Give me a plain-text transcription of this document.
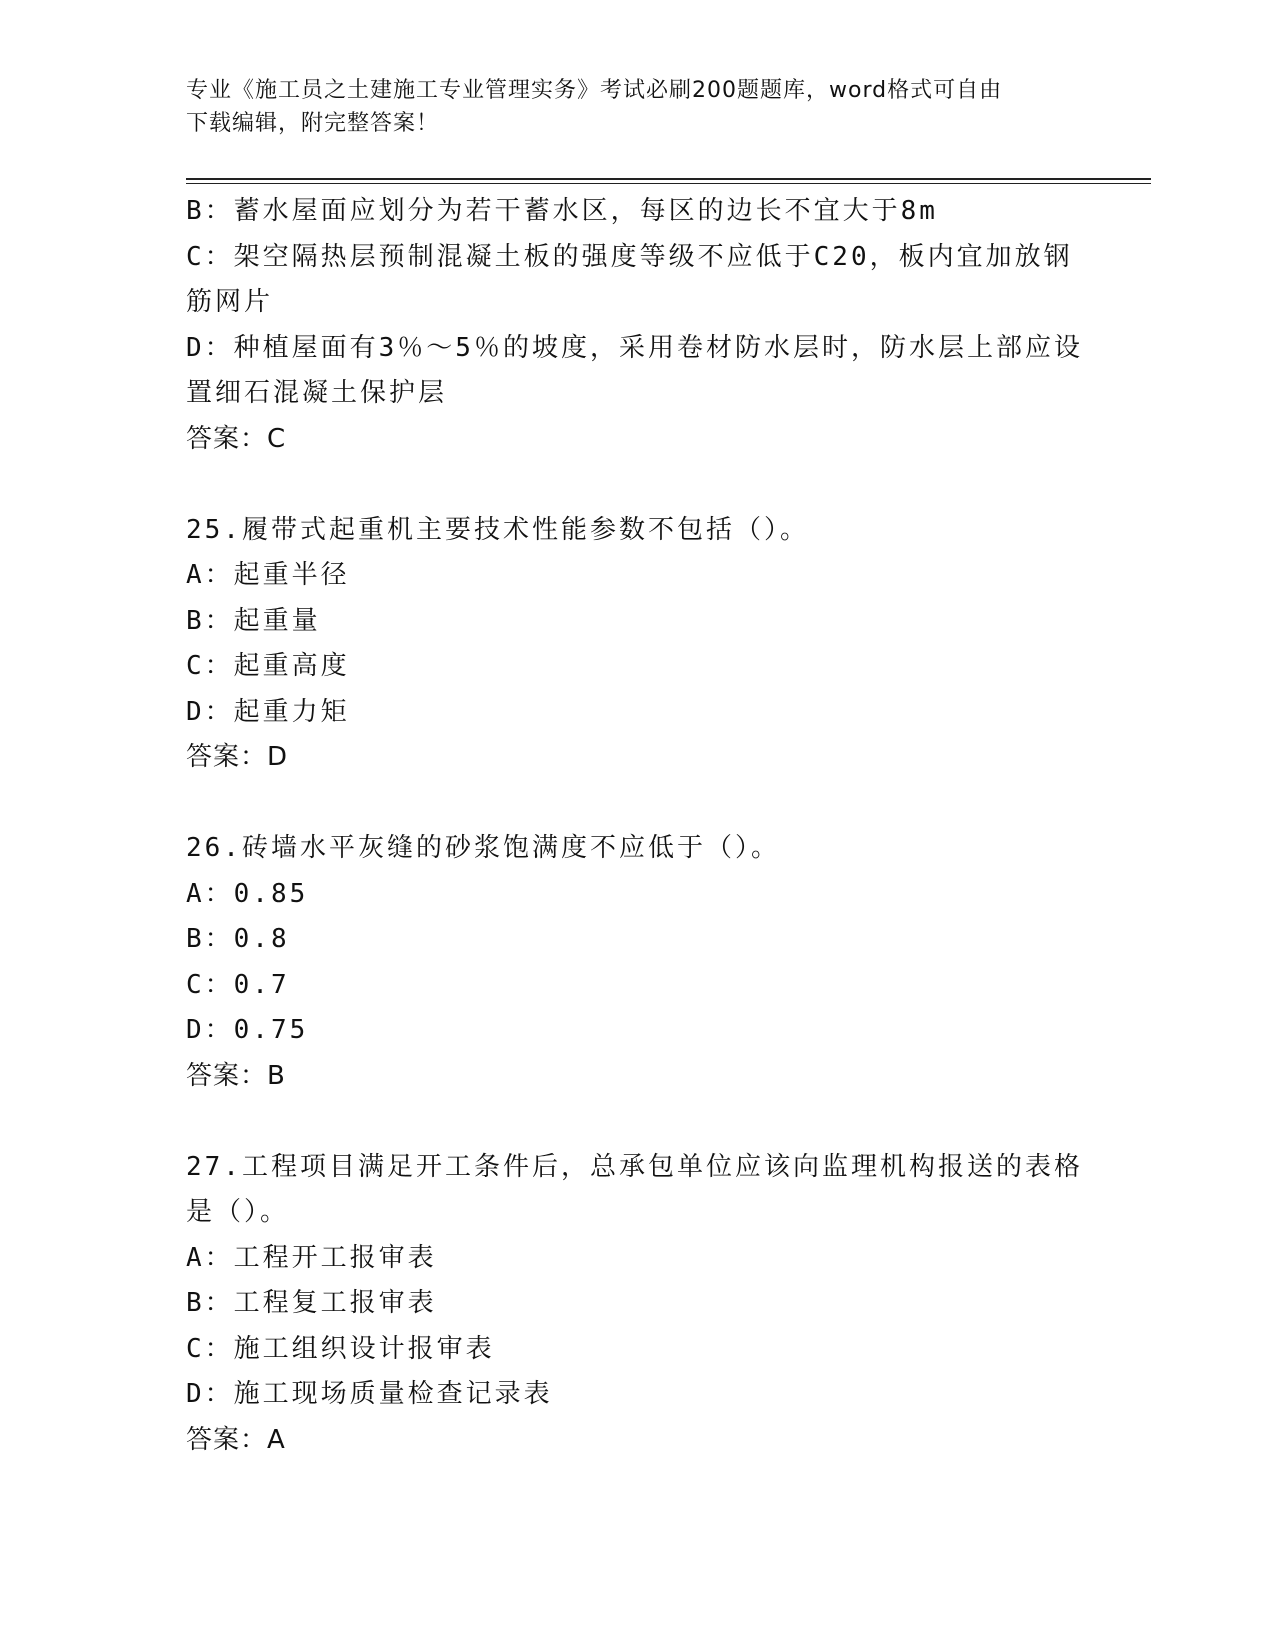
专业《施工员之土建施工专业管理实务》考试必刷200题题库，word格式可自由
下载编辑，附完整答案！
B：蓄水屋面应划分为若干蓄水区，每区的边长不宜大于8m
C：架空隔热层预制混凝土板的强度等级不应低于C20，板内宜加放钢
筋网片
D：种植屋面有3％～5％的坡度，采用卷材防水层时，防水层上部应设
置细石混凝土保护层
答案：C
25.履带式起重机主要技术性能参数不包括（）。
A：起重半径
B：起重量
C：起重高度
D：起重力矩
答案：D
26.砖墙水平灰缝的砂浆饱满度不应低于（）。
A：0.85
B：0.8
C：0.7
D：0.75
答案：B
27.工程项目满足开工条件后，总承包单位应该向监理机构报送的表格
是（）。
A：工程开工报审表
B：工程复工报审表
C：施工组织设计报审表
D：施工现场质量检查记录表
答案：A
